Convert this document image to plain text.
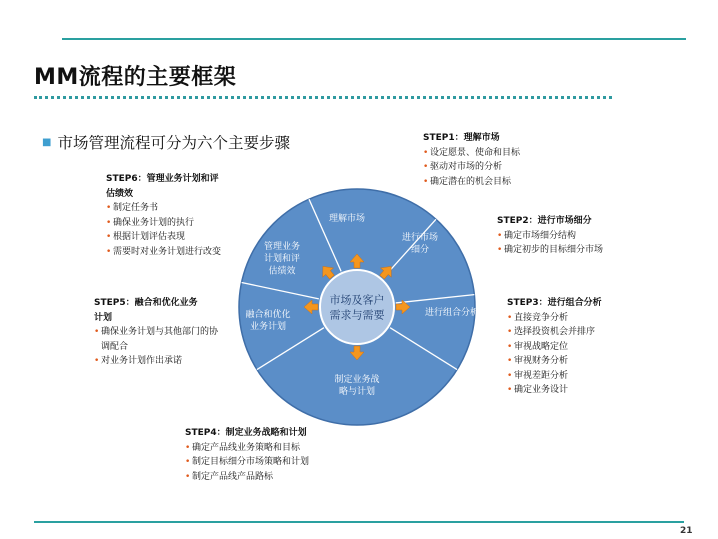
MM流程的主要框架
■ 市场管理流程可分为六个主要步骤	STEP1：理解市场
• 设定愿景、使命和目标
• 驱动对市场的分析
• 确定潜在的机会目标
STEP2：进行市场细分
• 确定市场细分结构
• 确定初步的目标细分市场
STEP3：进行组合分析
• 直接竞争分析
• 选择投资机会并排序
• 审视战略定位
• 审视财务分析
• 审视差距分析
• 确定业务设计
STEP4：制定业务战略和计划
• 确定产品线业务策略和目标
• 制定目标细分市场策略和计划
• 制定产品线产品路标
STEP5：融合和优化业务
计划
• 确保业务计划与其他部门的协调配合
• 对业务计划作出承诺
STEP6：管理业务计划和评
估绩效
• 制定任务书
• 确保业务计划的执行
• 根据计划评估表现
• 需要时对业务计划进行改变
市场及客户需求与需要
理解市场
进行市场细分
进行组合分析
制定业务战略与计划
融合和优化业务计划
管理业务计划和评估绩效
21
